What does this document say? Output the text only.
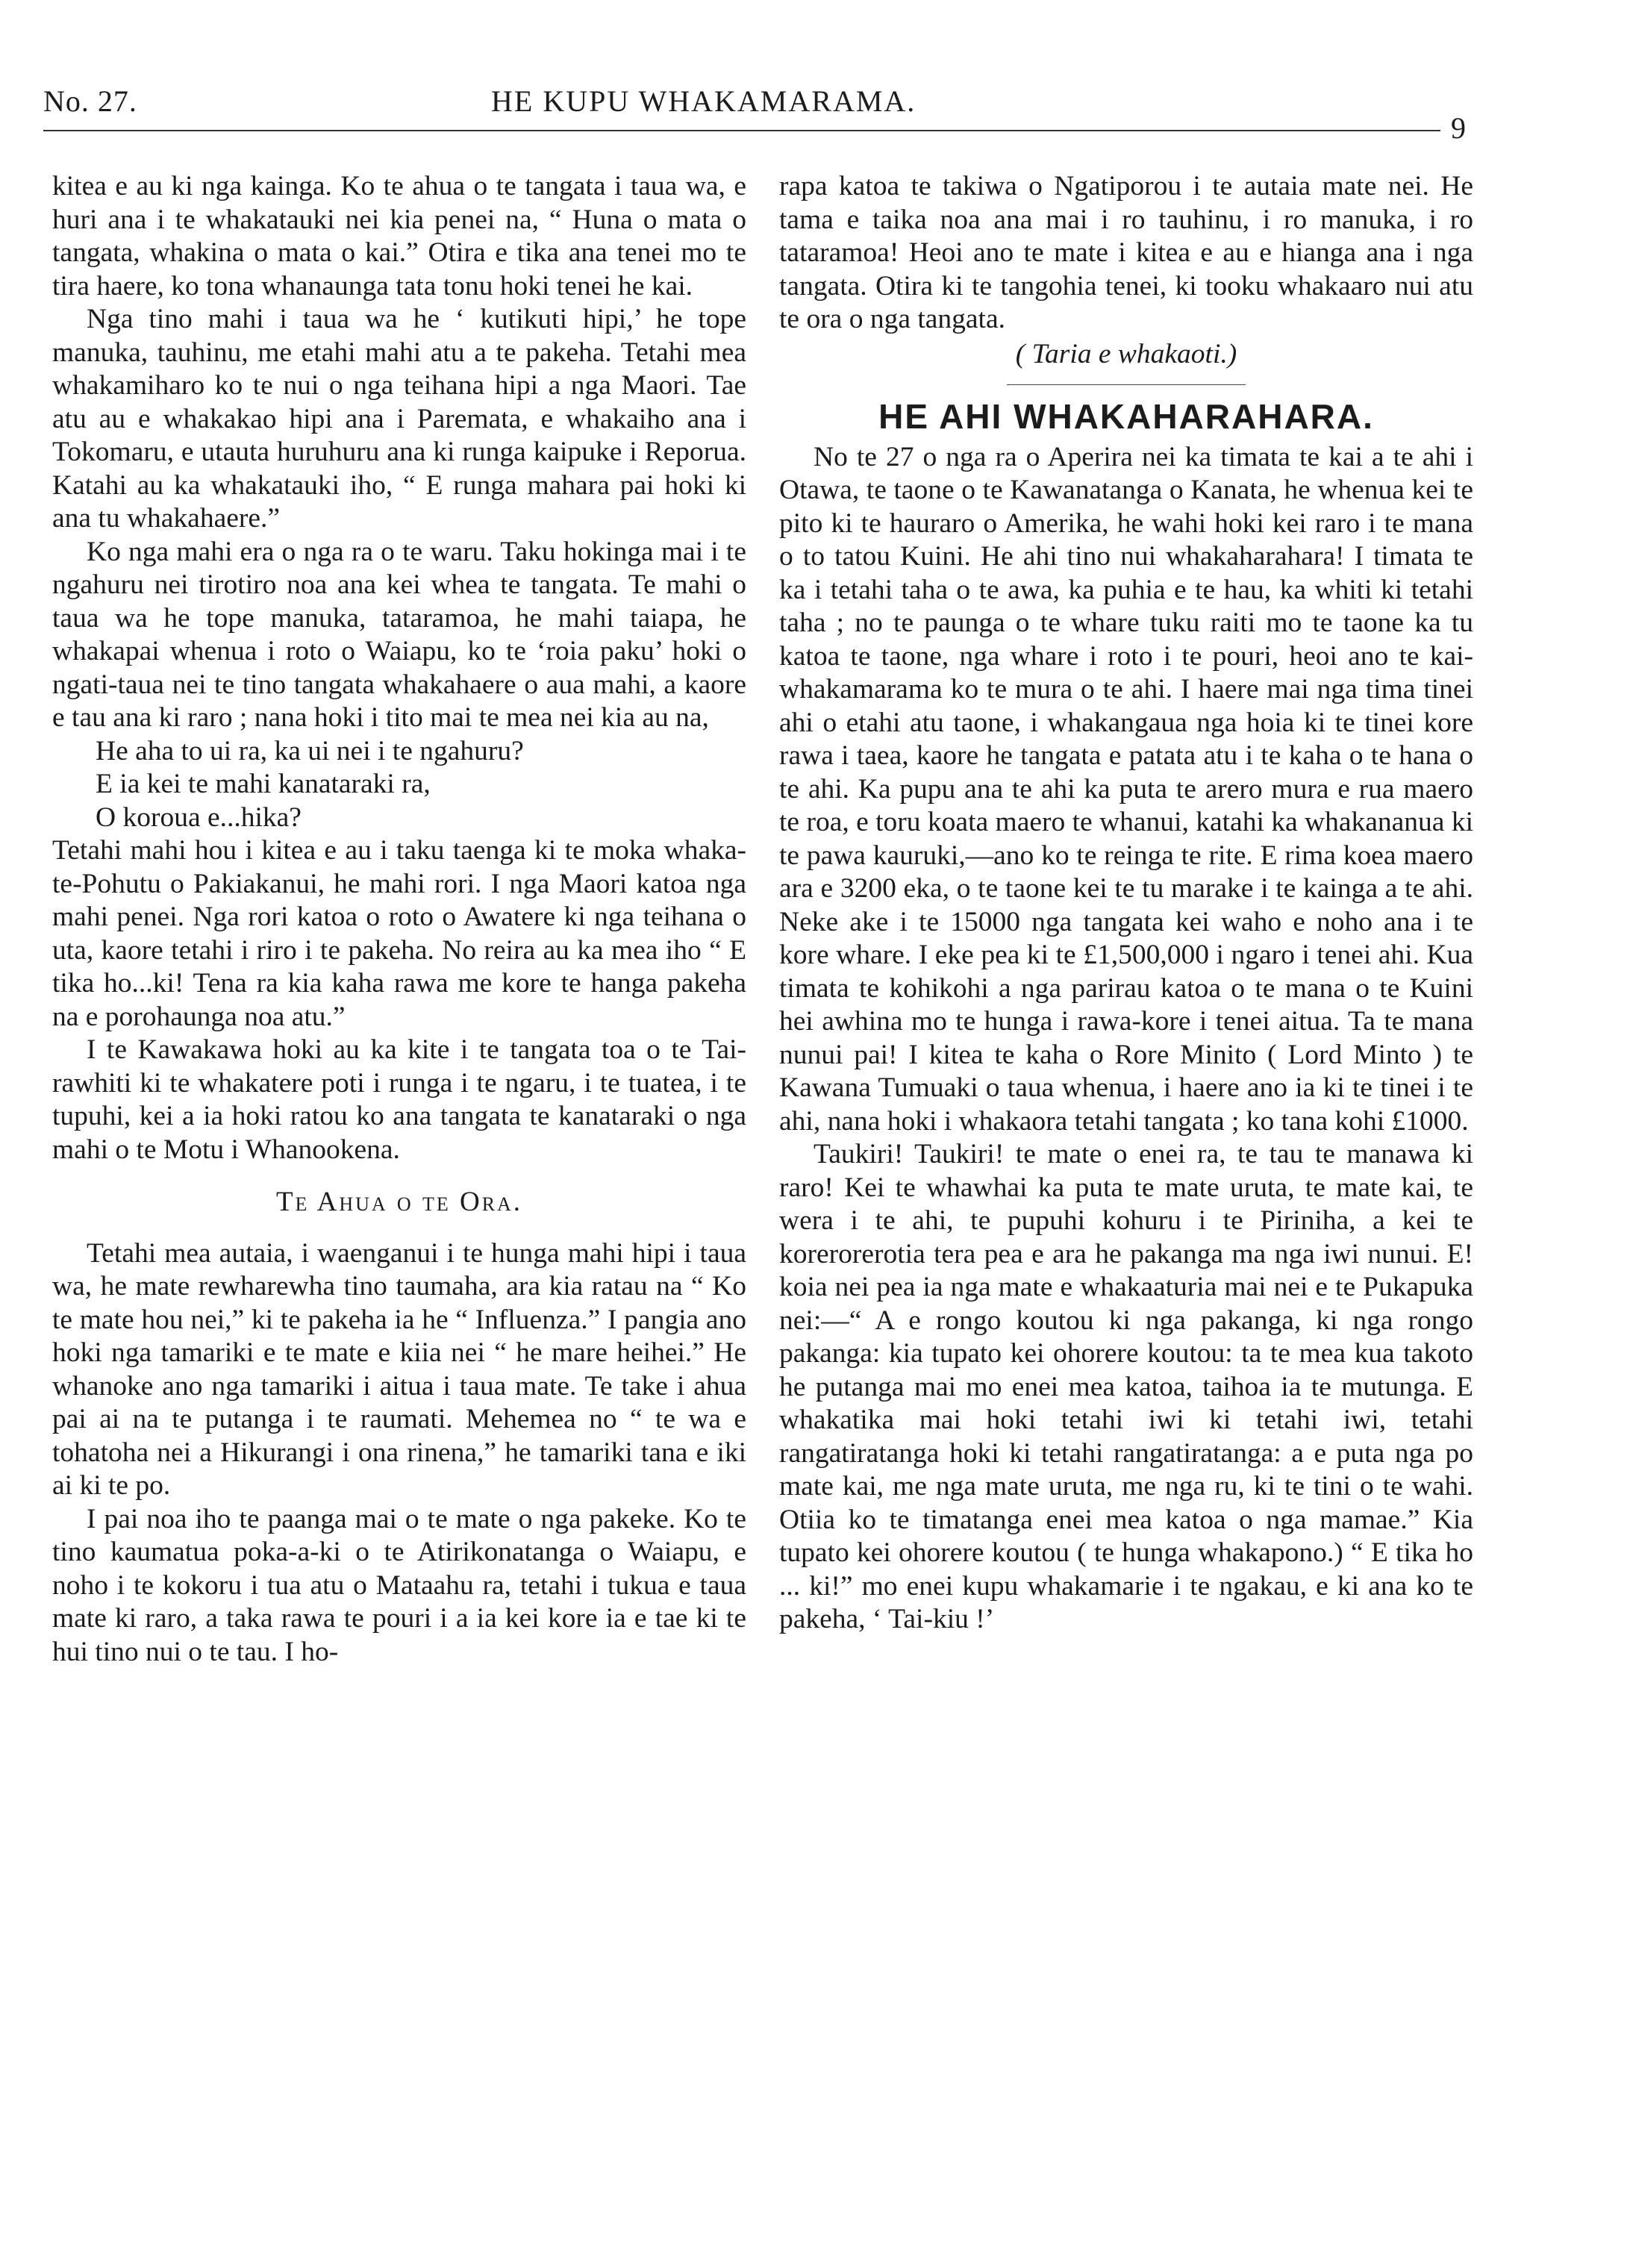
No. 27.	HE KUPU WHAKAMARAMA.
9

kitea e au ki nga kainga. Ko te ahua o te tangata i taua wa, e huri ana i te whakatauki nei kia penei na, “ Huna o mata o tangata, whakina o mata o kai.” Otira e tika ana tenei mo te tira haere, ko tona whanaunga tata tonu hoki tenei he kai.

Nga tino mahi i taua wa he ‘ kutikuti hipi,’ he tope manuka, tauhinu, me etahi mahi atu a te pakeha. Tetahi mea whakamiharo ko te nui o nga teihana hipi a nga Maori. Tae atu au e whakakao hipi ana i Paremata, e whakaiho ana i Tokomaru, e utauta huruhuru ana ki runga kaipuke i Reporua. Katahi au ka whakatauki iho, “ E runga mahara pai hoki ki ana tu whakahaere.”

Ko nga mahi era o nga ra o te waru. Taku hokinga mai i te ngahuru nei tirotiro noa ana kei whea te tangata. Te mahi o taua wa he tope manuka, tataramoa, he mahi taiapa, he whakapai whenua i roto o Waiapu, ko te ‘roia paku’ hoki o ngati-taua nei te tino tangata whakahaere o aua mahi, a kaore e tau ana ki raro ; nana hoki i tito mai te mea nei kia au na,

He aha to ui ra, ka ui nei i te ngahuru?

E ia kei te mahi kanataraki ra,

O koroua e...hika?

Tetahi mahi hou i kitea e au i taku taenga ki te moka whaka-te-Pohutu o Pakiakanui, he mahi rori. I nga Maori katoa nga mahi penei. Nga rori katoa o roto o Awatere ki nga teihana o uta, kaore tetahi i riro i te pakeha. No reira au ka mea iho “ E tika ho...ki! Tena ra kia kaha rawa me kore te hanga pakeha na e porohaunga noa atu.”

I te Kawakawa hoki au ka kite i te tangata toa o te Tai-rawhiti ki te whakatere poti i runga i te ngaru, i te tuatea, i te tupuhi, kei a ia hoki ratou ko ana tangata te kanataraki o nga mahi o te Motu i Whanookena.

Te Ahua o te Ora.

Tetahi mea autaia, i waenganui i te hunga mahi hipi i taua wa, he mate rewharewha tino taumaha, ara kia ratau na “ Ko te mate hou nei,” ki te pakeha ia he “ Influenza.” I pangia ano hoki nga tamariki e te mate e kiia nei “ he mare heihei.” He whanoke ano nga tamariki i aitua i taua mate. Te take i ahua pai ai na te putanga i te raumati. Mehemea no “ te wa e tohatoha nei a Hikurangi i ona rinena,” he tamariki tana e iki ai ki te po.

I pai noa iho te paanga mai o te mate o nga pakeke. Ko te tino kaumatua poka-a-ki o te Atirikonatanga o Waiapu, e noho i te kokoru i tua atu o Mataahu ra, tetahi i tukua e taua mate ki raro, a taka rawa te pouri i a ia kei kore ia e tae ki te hui tino nui o te tau. I ho-

rapa katoa te takiwa o Ngatiporou i te autaia mate nei. He tama e taika noa ana mai i ro tauhinu, i ro manuka, i ro tataramoa! Heoi ano te mate i kitea e au e hianga ana i nga tangata. Otira ki te tangohia tenei, ki tooku whakaaro nui atu te ora o nga tangata.

( Taria e whakaoti.)

HE AHI WHAKAHARAHARA.

No te 27 o nga ra o Aperira nei ka timata te kai a te ahi i Otawa, te taone o te Kawanatanga o Kanata, he whenua kei te pito ki te hauraro o Amerika, he wahi hoki kei raro i te mana o to tatou Kuini. He ahi tino nui whakaharahara! I timata te ka i tetahi taha o te awa, ka puhia e te hau, ka whiti ki tetahi taha ; no te paunga o te whare tuku raiti mo te taone ka tu katoa te taone, nga whare i roto i te pouri, heoi ano te kai-whakamarama ko te mura o te ahi. I haere mai nga tima tinei ahi o etahi atu taone, i whakangaua nga hoia ki te tinei kore rawa i taea, kaore he tangata e patata atu i te kaha o te hana o te ahi. Ka pupu ana te ahi ka puta te arero mura e rua maero te roa, e toru koata maero te whanui, katahi ka whakananua ki te pawa kauruki,—ano ko te reinga te rite. E rima koea maero ara e 3200 eka, o te taone kei te tu marake i te kainga a te ahi. Neke ake i te 15000 nga tangata kei waho e noho ana i te kore whare. I eke pea ki te £1,500,000 i ngaro i tenei ahi. Kua timata te kohikohi a nga parirau katoa o te mana o te Kuini hei awhina mo te hunga i rawa-kore i tenei aitua. Ta te mana nunui pai! I kitea te kaha o Rore Minito ( Lord Minto ) te Kawana Tumuaki o taua whenua, i haere ano ia ki te tinei i te ahi, nana hoki i whakaora tetahi tangata ; ko tana kohi £1000.

Taukiri! Taukiri! te mate o enei ra, te tau te manawa ki raro! Kei te whawhai ka puta te mate uruta, te mate kai, te wera i te ahi, te pupuhi kohuru i te Piriniha, a kei te korerorerotia tera pea e ara he pakanga ma nga iwi nunui. E! koia nei pea ia nga mate e whakaaturia mai nei e te Pukapuka nei:—“ A e rongo koutou ki nga pakanga, ki nga rongo pakanga: kia tupato kei ohorere koutou: ta te mea kua takoto he putanga mai mo enei mea katoa, taihoa ia te mutunga. E whakatika mai hoki tetahi iwi ki tetahi iwi, tetahi rangatiratanga hoki ki tetahi rangatiratanga: a e puta nga po mate kai, me nga mate uruta, me nga ru, ki te tini o te wahi. Otiia ko te timatanga enei mea katoa o nga mamae.” Kia tupato kei ohorere koutou ( te hunga whakapono.) “ E tika ho ... ki!” mo enei kupu whakamarie i te ngakau, e ki ana ko te pakeha, ‘ Tai-kiu !’
